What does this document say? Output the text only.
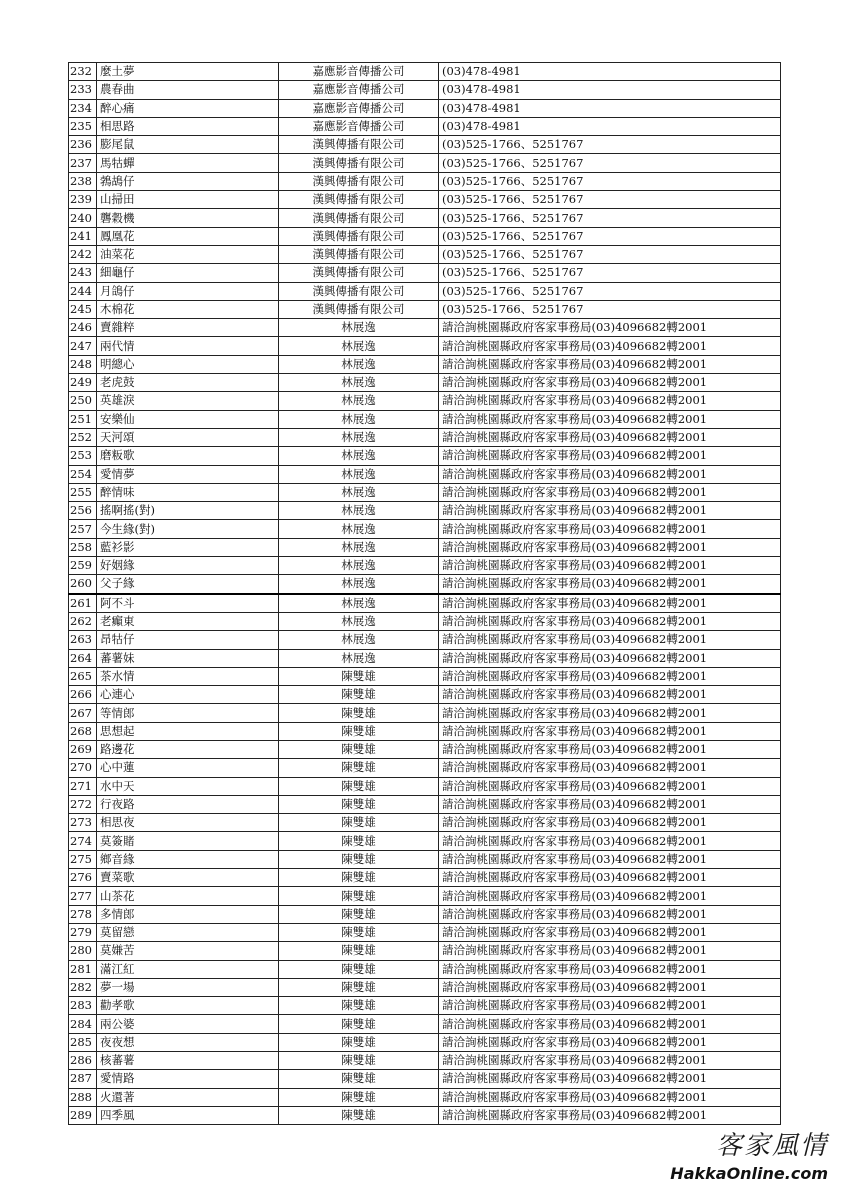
232	麼土夢	嘉應影音傳播公司	(03)478-4981
233	農春曲	嘉應影音傳播公司	(03)478-4981
234	醉心痛	嘉應影音傳播公司	(03)478-4981
235	相思路	嘉應影音傳播公司	(03)478-4981
236	膨尾鼠	漢興傳播有限公司	(03)525-1766、5251767
237	馬牯蟬	漢興傳播有限公司	(03)525-1766、5251767
238	鵓鴣仔	漢興傳播有限公司	(03)525-1766、5251767
239	山掃田	漢興傳播有限公司	(03)525-1766、5251767
240	礱穀機	漢興傳播有限公司	(03)525-1766、5251767
241	鳳凰花	漢興傳播有限公司	(03)525-1766、5251767
242	油菜花	漢興傳播有限公司	(03)525-1766、5251767
243	細龜仔	漢興傳播有限公司	(03)525-1766、5251767
244	月鴿仔	漢興傳播有限公司	(03)525-1766、5251767
245	木棉花	漢興傳播有限公司	(03)525-1766、5251767
246	賣雜粹	林展逸	請洽詢桃園縣政府客家事務局(03)4096682轉2001
247	兩代情	林展逸	請洽詢桃園縣政府客家事務局(03)4096682轉2001
248	明總心	林展逸	請洽詢桃園縣政府客家事務局(03)4096682轉2001
249	老虎鼓	林展逸	請洽詢桃園縣政府客家事務局(03)4096682轉2001
250	英雄淚	林展逸	請洽詢桃園縣政府客家事務局(03)4096682轉2001
251	安樂仙	林展逸	請洽詢桃園縣政府客家事務局(03)4096682轉2001
252	天河頌	林展逸	請洽詢桃園縣政府客家事務局(03)4096682轉2001
253	磨粄歌	林展逸	請洽詢桃園縣政府客家事務局(03)4096682轉2001
254	愛情夢	林展逸	請洽詢桃園縣政府客家事務局(03)4096682轉2001
255	醉情味	林展逸	請洽詢桃園縣政府客家事務局(03)4096682轉2001
256	搖啊搖(對)	林展逸	請洽詢桃園縣政府客家事務局(03)4096682轉2001
257	今生緣(對)	林展逸	請洽詢桃園縣政府客家事務局(03)4096682轉2001
258	藍衫影	林展逸	請洽詢桃園縣政府客家事務局(03)4096682轉2001
259	好姻緣	林展逸	請洽詢桃園縣政府客家事務局(03)4096682轉2001
260	父子緣	林展逸	請洽詢桃園縣政府客家事務局(03)4096682轉2001
261	阿不斗	林展逸	請洽詢桃園縣政府客家事務局(03)4096682轉2001
262	老癲東	林展逸	請洽詢桃園縣政府客家事務局(03)4096682轉2001
263	昂牯仔	林展逸	請洽詢桃園縣政府客家事務局(03)4096682轉2001
264	蕃薯妹	林展逸	請洽詢桃園縣政府客家事務局(03)4096682轉2001
265	茶水情	陳雙雄	請洽詢桃園縣政府客家事務局(03)4096682轉2001
266	心連心	陳雙雄	請洽詢桃園縣政府客家事務局(03)4096682轉2001
267	等情郎	陳雙雄	請洽詢桃園縣政府客家事務局(03)4096682轉2001
268	思想起	陳雙雄	請洽詢桃園縣政府客家事務局(03)4096682轉2001
269	路邊花	陳雙雄	請洽詢桃園縣政府客家事務局(03)4096682轉2001
270	心中蓮	陳雙雄	請洽詢桃園縣政府客家事務局(03)4096682轉2001
271	水中天	陳雙雄	請洽詢桃園縣政府客家事務局(03)4096682轉2001
272	行夜路	陳雙雄	請洽詢桃園縣政府客家事務局(03)4096682轉2001
273	相思夜	陳雙雄	請洽詢桃園縣政府客家事務局(03)4096682轉2001
274	莫簽賭	陳雙雄	請洽詢桃園縣政府客家事務局(03)4096682轉2001
275	鄉音緣	陳雙雄	請洽詢桃園縣政府客家事務局(03)4096682轉2001
276	賣菜歌	陳雙雄	請洽詢桃園縣政府客家事務局(03)4096682轉2001
277	山茶花	陳雙雄	請洽詢桃園縣政府客家事務局(03)4096682轉2001
278	多情郎	陳雙雄	請洽詢桃園縣政府客家事務局(03)4096682轉2001
279	莫留戀	陳雙雄	請洽詢桃園縣政府客家事務局(03)4096682轉2001
280	莫嫌苦	陳雙雄	請洽詢桃園縣政府客家事務局(03)4096682轉2001
281	滿江紅	陳雙雄	請洽詢桃園縣政府客家事務局(03)4096682轉2001
282	夢一場	陳雙雄	請洽詢桃園縣政府客家事務局(03)4096682轉2001
283	勸孝歌	陳雙雄	請洽詢桃園縣政府客家事務局(03)4096682轉2001
284	兩公婆	陳雙雄	請洽詢桃園縣政府客家事務局(03)4096682轉2001
285	夜夜想	陳雙雄	請洽詢桃園縣政府客家事務局(03)4096682轉2001
286	核蕃薯	陳雙雄	請洽詢桃園縣政府客家事務局(03)4096682轉2001
287	愛情路	陳雙雄	請洽詢桃園縣政府客家事務局(03)4096682轉2001
288	火還著	陳雙雄	請洽詢桃園縣政府客家事務局(03)4096682轉2001
289	四季風	陳雙雄	請洽詢桃園縣政府客家事務局(03)4096682轉2001
客家風情
HakkaOnline.com
